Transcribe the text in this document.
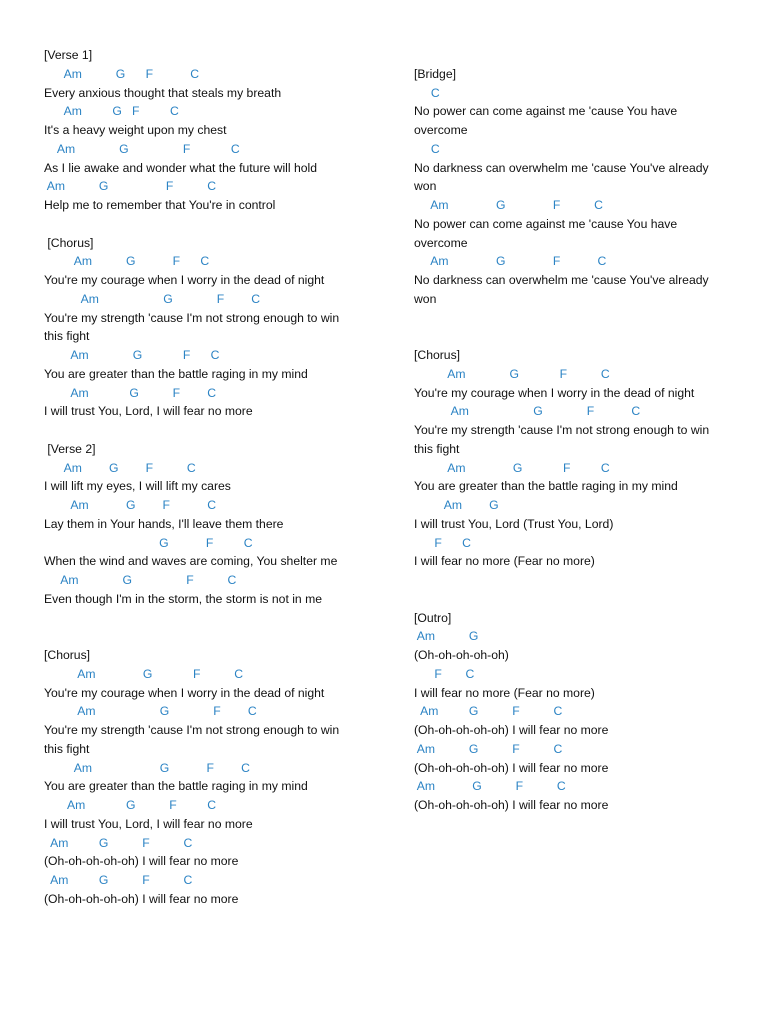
[Verse 1]
Am          G      F           C
Every anxious thought that steals my breath
Am         G   F         C
It's a heavy weight upon my chest
Am             G                F            C
As I lie awake and wonder what the future will hold
Am          G                 F          C
Help me to remember that You're in control
[Chorus]
Am          G           F      C
You're my courage when I worry in the dead of night
Am                   G             F        C
You're my strength 'cause I'm not strong enough to win
this fight
Am             G            F      C
You are greater than the battle raging in my mind
Am            G          F        C
I will trust You, Lord, I will fear no more
[Verse 2]
Am        G        F          C
I will lift my eyes, I will lift my cares
Am           G        F           C
Lay them in Your hands, I'll leave them there
G           F         C
When the wind and waves are coming, You shelter me
Am             G                F          C
Even though I'm in the storm, the storm is not in me
[Chorus]
Am              G            F          C
You're my courage when I worry in the dead of night
Am                   G             F        C
You're my strength 'cause I'm not strong enough to win
this fight
Am                    G           F        C
You are greater than the battle raging in my mind
Am            G          F         C
I will trust You, Lord, I will fear no more
Am         G          F          C
(Oh-oh-oh-oh-oh) I will fear no more
Am         G          F          C
(Oh-oh-oh-oh-oh) I will fear no more
[Bridge]
C
No power can come against me 'cause You have
overcome
C
No darkness can overwhelm me 'cause You've already
won
Am              G              F          C
No power can come against me 'cause You have
overcome
Am              G              F           C
No darkness can overwhelm me 'cause You've already
won
[Chorus]
Am             G            F          C
You're my courage when I worry in the dead of night
Am                   G             F           C
You're my strength 'cause I'm not strong enough to win
this fight
Am              G            F         C
You are greater than the battle raging in my mind
Am        G
I will trust You, Lord (Trust You, Lord)
F      C
I will fear no more (Fear no more)
[Outro]
Am          G
(Oh-oh-oh-oh-oh)
F       C
I will fear no more (Fear no more)
Am         G          F          C
(Oh-oh-oh-oh-oh) I will fear no more
Am          G          F          C
(Oh-oh-oh-oh-oh) I will fear no more
Am           G          F          C
(Oh-oh-oh-oh-oh) I will fear no more
